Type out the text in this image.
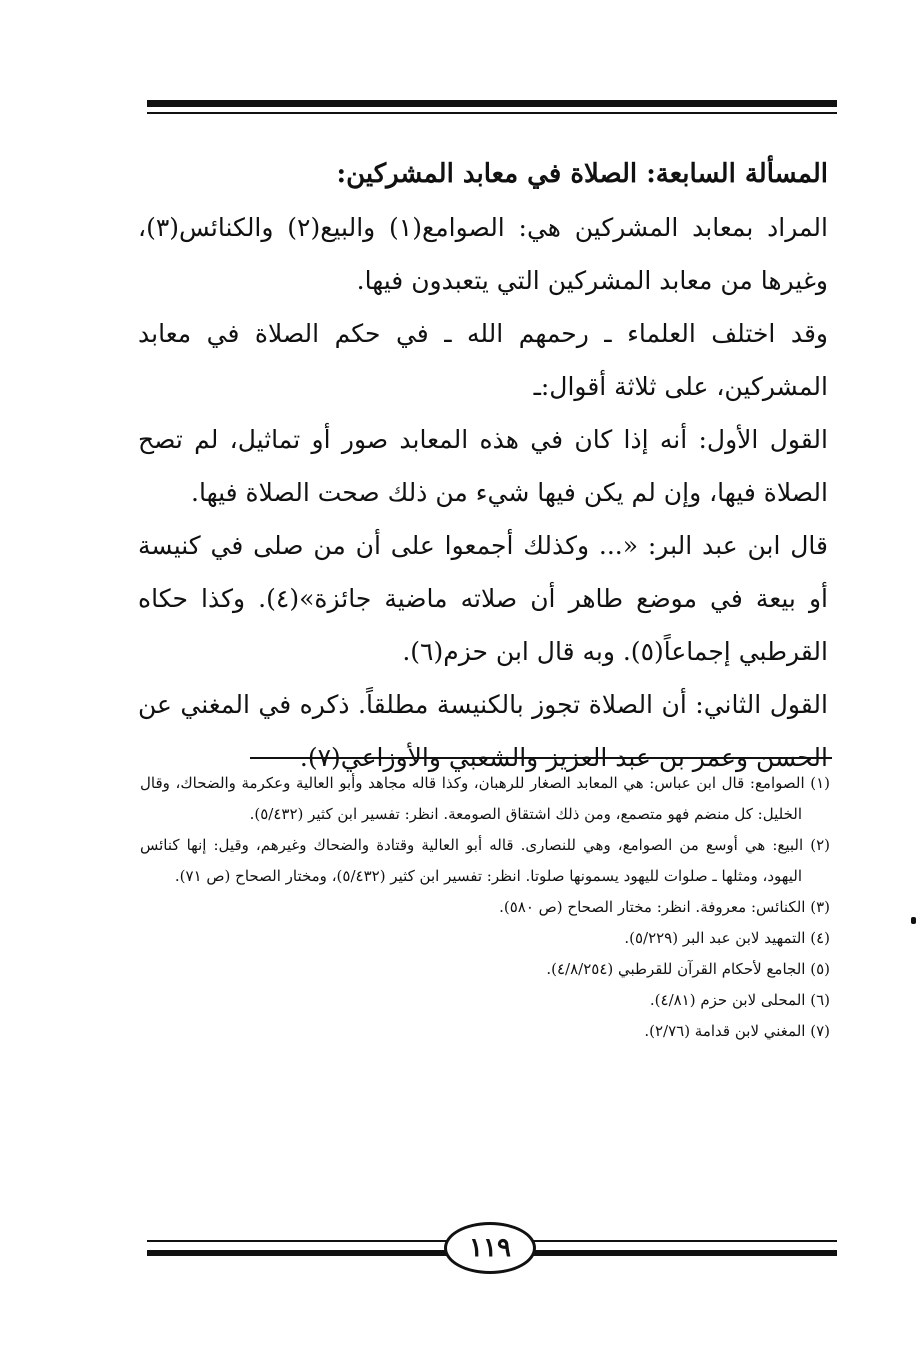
المسألة السابعة: الصلاة في معابد المشركين:

المراد بمعابد المشركين هي: الصوامع(١) والبيع(٢) والكنائس(٣)، وغيرها من معابد المشركين التي يتعبدون فيها.

وقد اختلف العلماء ـ رحمهم الله ـ في حكم الصلاة في معابد المشركين، على ثلاثة أقوال:ـ

القول الأول: أنه إذا كان في هذه المعابد صور أو تماثيل، لم تصح الصلاة فيها، وإن لم يكن فيها شيء من ذلك صحت الصلاة فيها.

قال ابن عبد البر: «... وكذلك أجمعوا على أن من صلى في كنيسة أو بيعة في موضع طاهر أن صلاته ماضية جائزة»(٤). وكذا حكاه القرطبي إجماعاً(٥). وبه قال ابن حزم(٦).

القول الثاني: أن الصلاة تجوز بالكنيسة مطلقاً. ذكره في المغني عن الحسن وعمر بن عبد العزيز والشعبي والأوزاعي(٧).

(١) الصوامع: قال ابن عباس: هي المعابد الصغار للرهبان، وكذا قاله مجاهد وأبو العالية وعكرمة والضحاك، وقال الخليل: كل منضم فهو متصمع، ومن ذلك اشتقاق الصومعة. انظر: تفسير ابن كثير (٥/٤٣٢).

(٢) البيع: هي أوسع من الصوامع، وهي للنصارى. قاله أبو العالية وقتادة والضحاك وغيرهم، وقيل: إنها كنائس اليهود، ومثلها ـ صلوات لليهود يسمونها صلوتا. انظر: تفسير ابن كثير (٥/٤٣٢)، ومختار الصحاح (ص ٧١).

(٣) الكنائس: معروفة. انظر: مختار الصحاح (ص ٥٨٠).

(٤) التمهيد لابن عبد البر (٥/٢٢٩).

(٥) الجامع لأحكام القرآن للقرطبي (٤/٨/٢٥٤).

(٦) المحلى لابن حزم (٤/٨١).

(٧) المغني لابن قدامة (٢/٧٦).

١١٩
